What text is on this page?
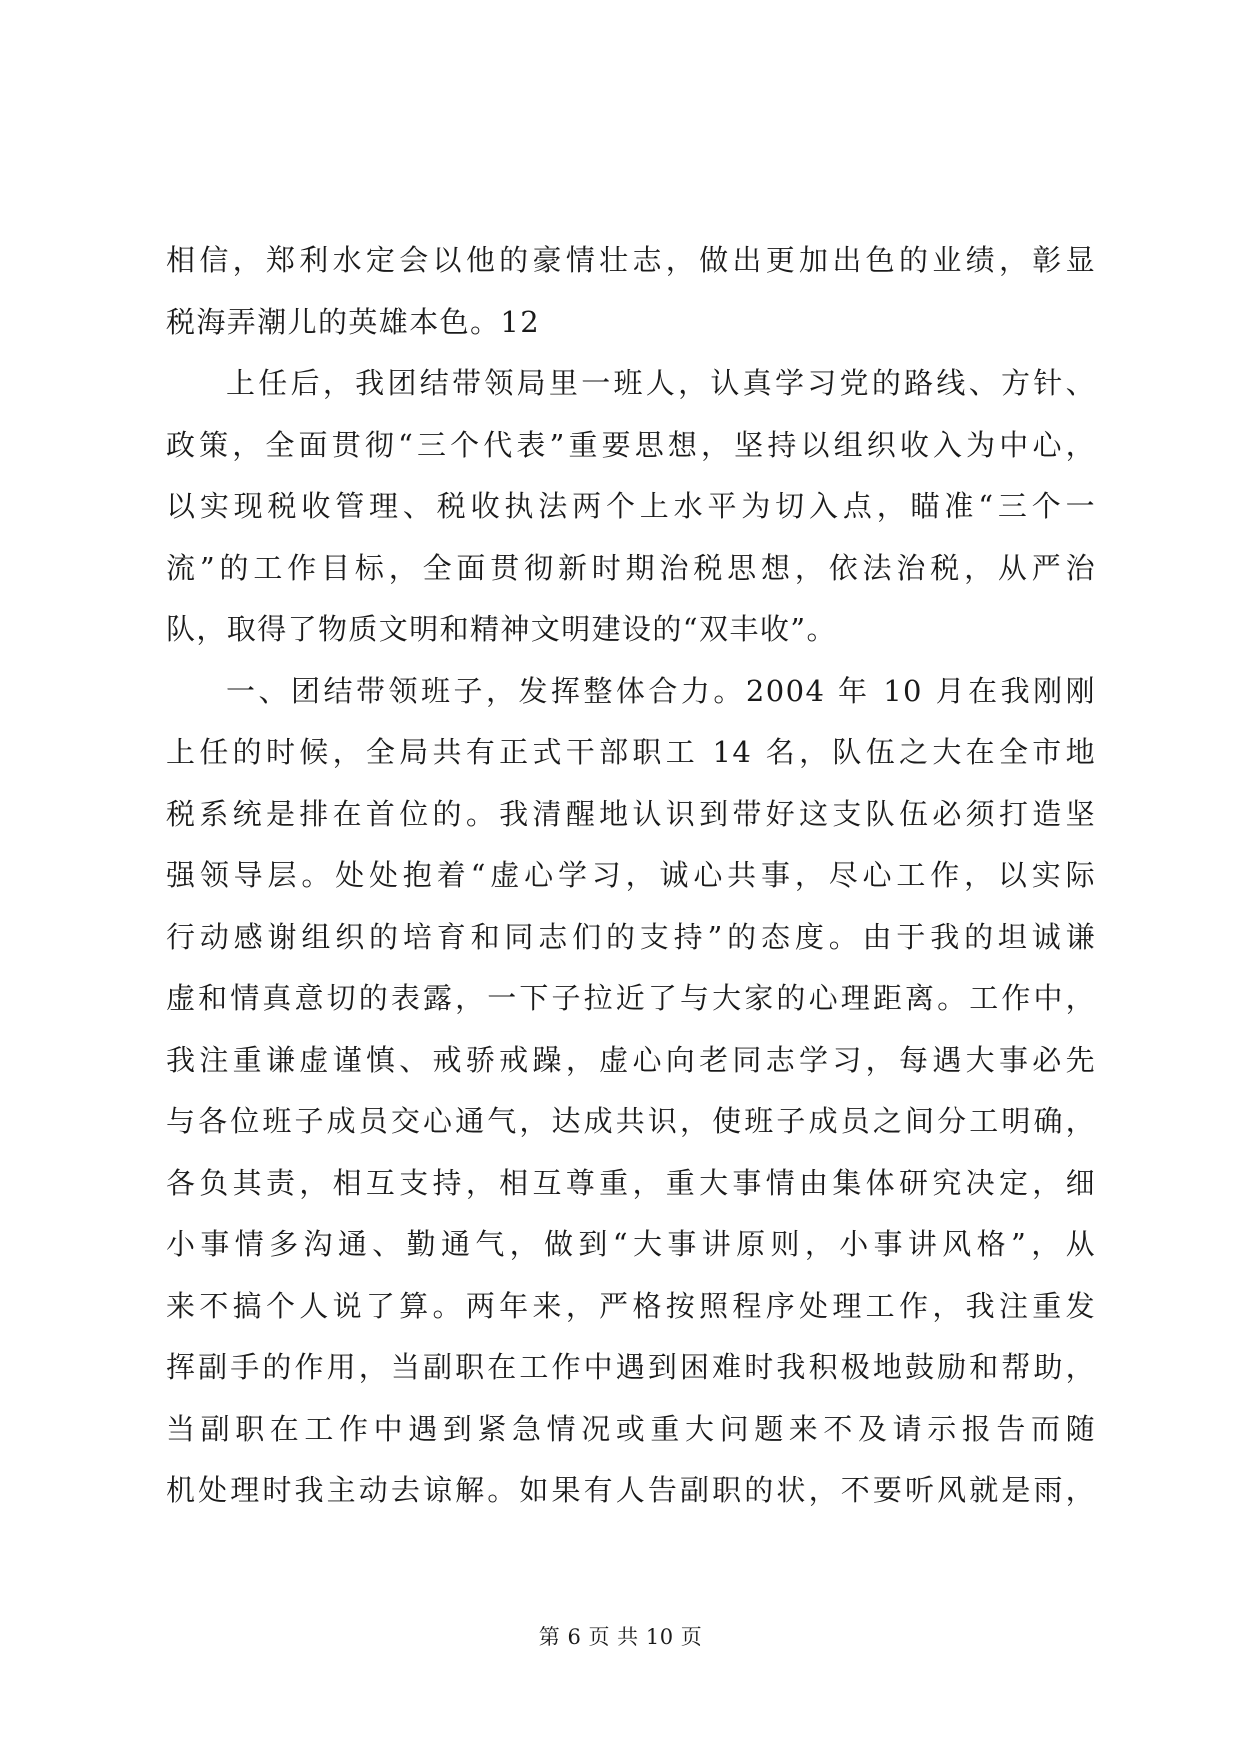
相信，郑利水定会以他的豪情壮志，做出更加出色的业绩，彰显
税海弄潮儿的英雄本色。12
上任后，我团结带领局里一班人，认真学习党的路线、方针、
政策，全面贯彻“三个代表”重要思想，坚持以组织收入为中心，
以实现税收管理、税收执法两个上水平为切入点，瞄准“三个一
流”的工作目标，全面贯彻新时期治税思想，依法治税，从严治
队，取得了物质文明和精神文明建设的“双丰收”。
一、团结带领班子，发挥整体合力。2004 年 10 月在我刚刚
上任的时候，全局共有正式干部职工 14 名，队伍之大在全市地
税系统是排在首位的。我清醒地认识到带好这支队伍必须打造坚
强领导层。处处抱着“虚心学习，诚心共事，尽心工作，以实际
行动感谢组织的培育和同志们的支持”的态度。由于我的坦诚谦
虚和情真意切的表露，一下子拉近了与大家的心理距离。工作中，
我注重谦虚谨慎、戒骄戒躁，虚心向老同志学习，每遇大事必先
与各位班子成员交心通气，达成共识，使班子成员之间分工明确，
各负其责，相互支持，相互尊重，重大事情由集体研究决定，细
小事情多沟通、勤通气，做到“大事讲原则，小事讲风格”，从
来不搞个人说了算。两年来，严格按照程序处理工作，我注重发
挥副手的作用，当副职在工作中遇到困难时我积极地鼓励和帮助，
当副职在工作中遇到紧急情况或重大问题来不及请示报告而随
机处理时我主动去谅解。如果有人告副职的状，不要听风就是雨，
第 6 页 共 10 页
